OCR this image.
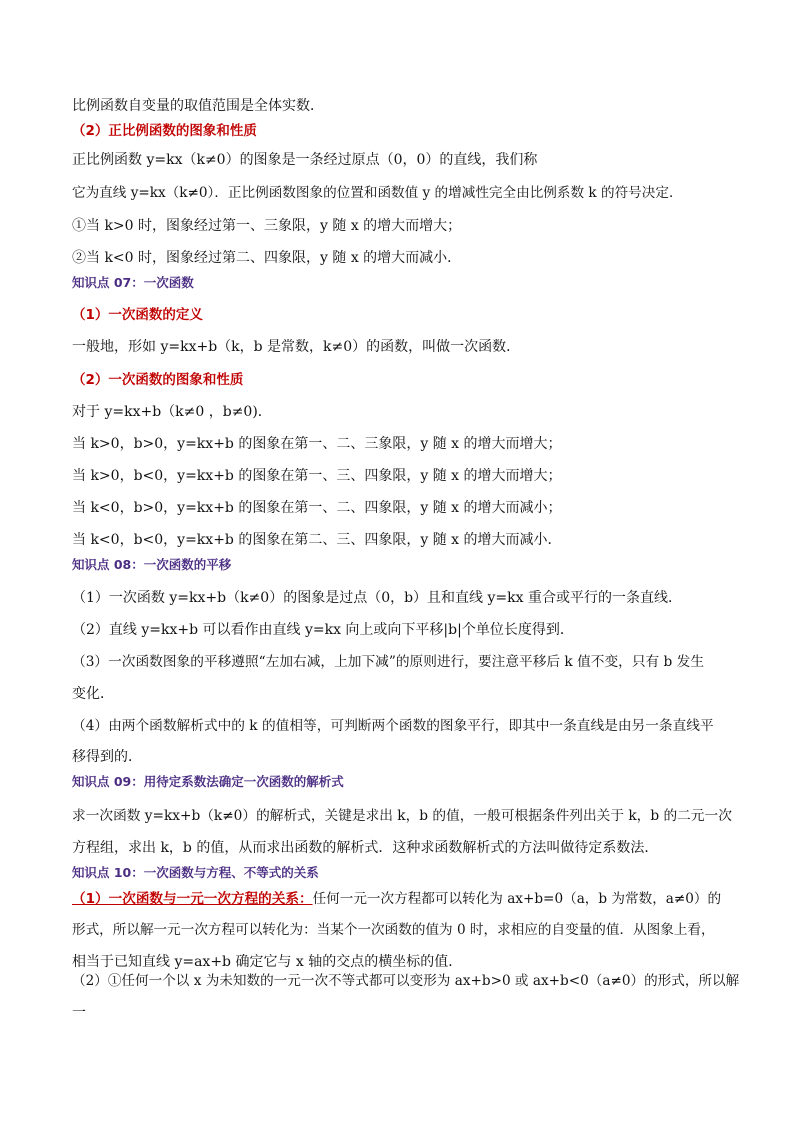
比例函数自变量的取值范围是全体实数．
（2）正比例函数的图象和性质
正比例函数 y=kx（k≠0）的图象是一条经过原点（0，0）的直线，我们称
它为直线 y=kx（k≠0）．正比例函数图象的位置和函数值 y 的增减性完全由比例系数 k 的符号决定．
①当 k>0 时，图象经过第一、三象限，y 随 x 的增大而增大；
②当 k<0 时，图象经过第二、四象限，y 随 x 的增大而减小．
知识点 07：一次函数
（1）一次函数的定义
一般地，形如 y=kx+b（k，b 是常数，k≠0）的函数，叫做一次函数．
（2）一次函数的图象和性质
对于 y=kx+b（k≠0 ，b≠0)．
当 k>0，b>0，y=kx+b 的图象在第一、二、三象限，y 随 x 的增大而增大；
当 k>0，b<0，y=kx+b 的图象在第一、三、四象限，y 随 x 的增大而增大；
当 k<0，b>0，y=kx+b 的图象在第一、二、四象限，y 随 x 的增大而减小；
当 k<0，b<0，y=kx+b 的图象在第二、三、四象限，y 随 x 的增大而减小．
知识点 08：一次函数的平移
（1）一次函数 y=kx+b（k≠0）的图象是过点（0，b）且和直线 y=kx 重合或平行的一条直线．
（2）直线 y=kx+b 可以看作由直线 y=kx 向上或向下平移|b|个单位长度得到．
（3）一次函数图象的平移遵照“左加右减，上加下减”的原则进行，要注意平移后 k 值不变，只有 b 发生
变化．
（4）由两个函数解析式中的 k 的值相等，可判断两个函数的图象平行，即其中一条直线是由另一条直线平
移得到的．
知识点 09：用待定系数法确定一次函数的解析式
求一次函数 y=kx+b（k≠0）的解析式，关键是求出 k，b 的值，一般可根据条件列出关于 k，b 的二元一次
方程组，求出 k，b 的值，从而求出函数的解析式．这种求函数解析式的方法叫做待定系数法．
知识点 10：一次函数与方程、不等式的关系
（1）一次函数与一元一次方程的关系：任何一元一次方程都可以转化为 ax+b=0（a，b 为常数，a≠0）的
形式，所以解一元一次方程可以转化为：当某个一次函数的值为 0 时，求相应的自变量的值．从图象上看，
相当于已知直线 y=ax+b 确定它与 x 轴的交点的横坐标的值．
（2）①任何一个以 x 为未知数的一元一次不等式都可以变形为 ax+b>0 或 ax+b<0（a≠0）的形式，所以解
一
